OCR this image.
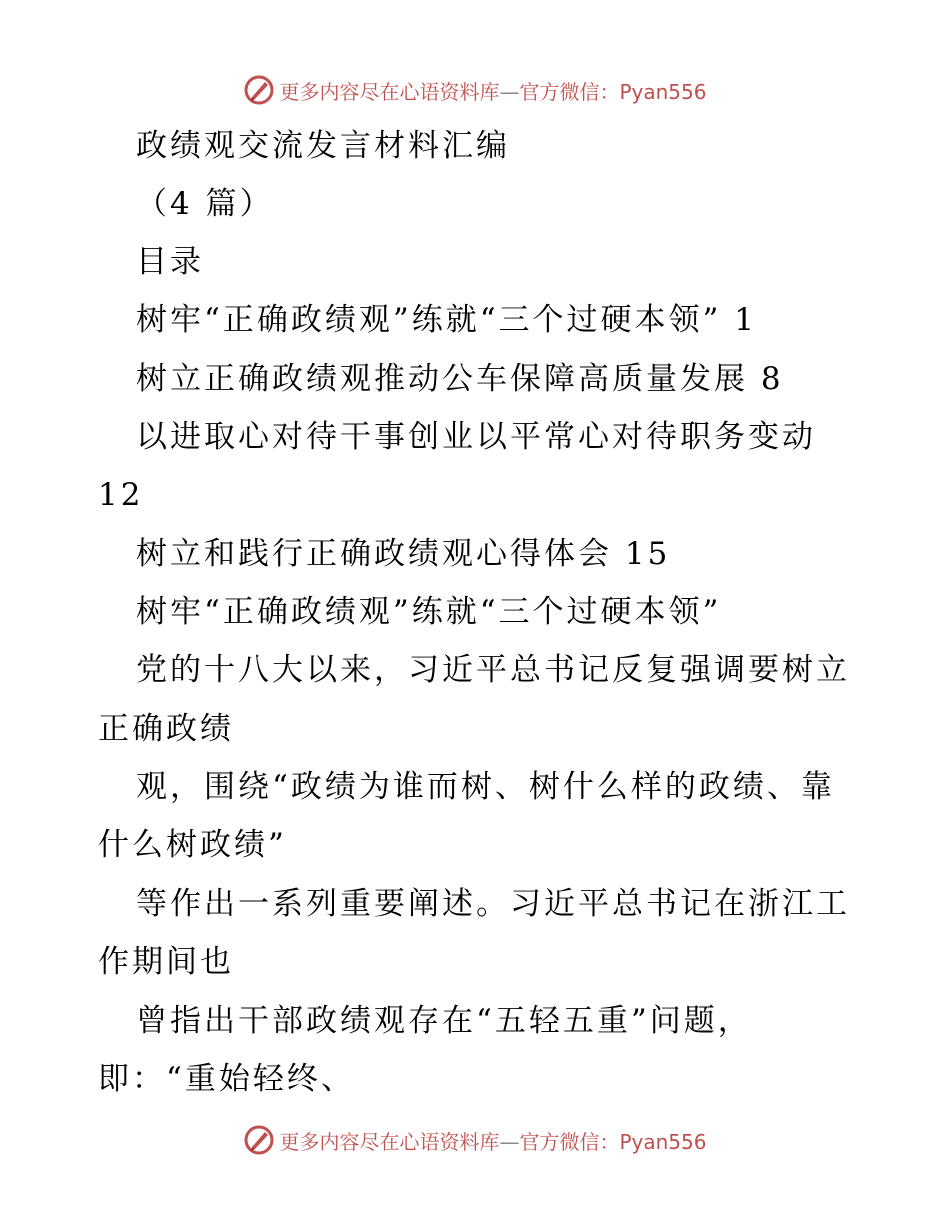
更多内容尽在心语资料库—官方微信：Pyan556
政绩观交流发言材料汇编
（4 篇）
目录
树牢“正确政绩观”练就“三个过硬本领” 1
树立正确政绩观推动公车保障高质量发展 8
以进取心对待干事创业以平常心对待职务变动
12
树立和践行正确政绩观心得体会 15
树牢“正确政绩观”练就“三个过硬本领”
党的十八大以来，习近平总书记反复强调要树立
正确政绩
观，围绕“政绩为谁而树、树什么样的政绩、靠
什么树政绩”
等作出一系列重要阐述。习近平总书记在浙江工
作期间也
曾指出干部政绩观存在“五轻五重”问题，
即：“重始轻终、
更多内容尽在心语资料库—官方微信：Pyan556
